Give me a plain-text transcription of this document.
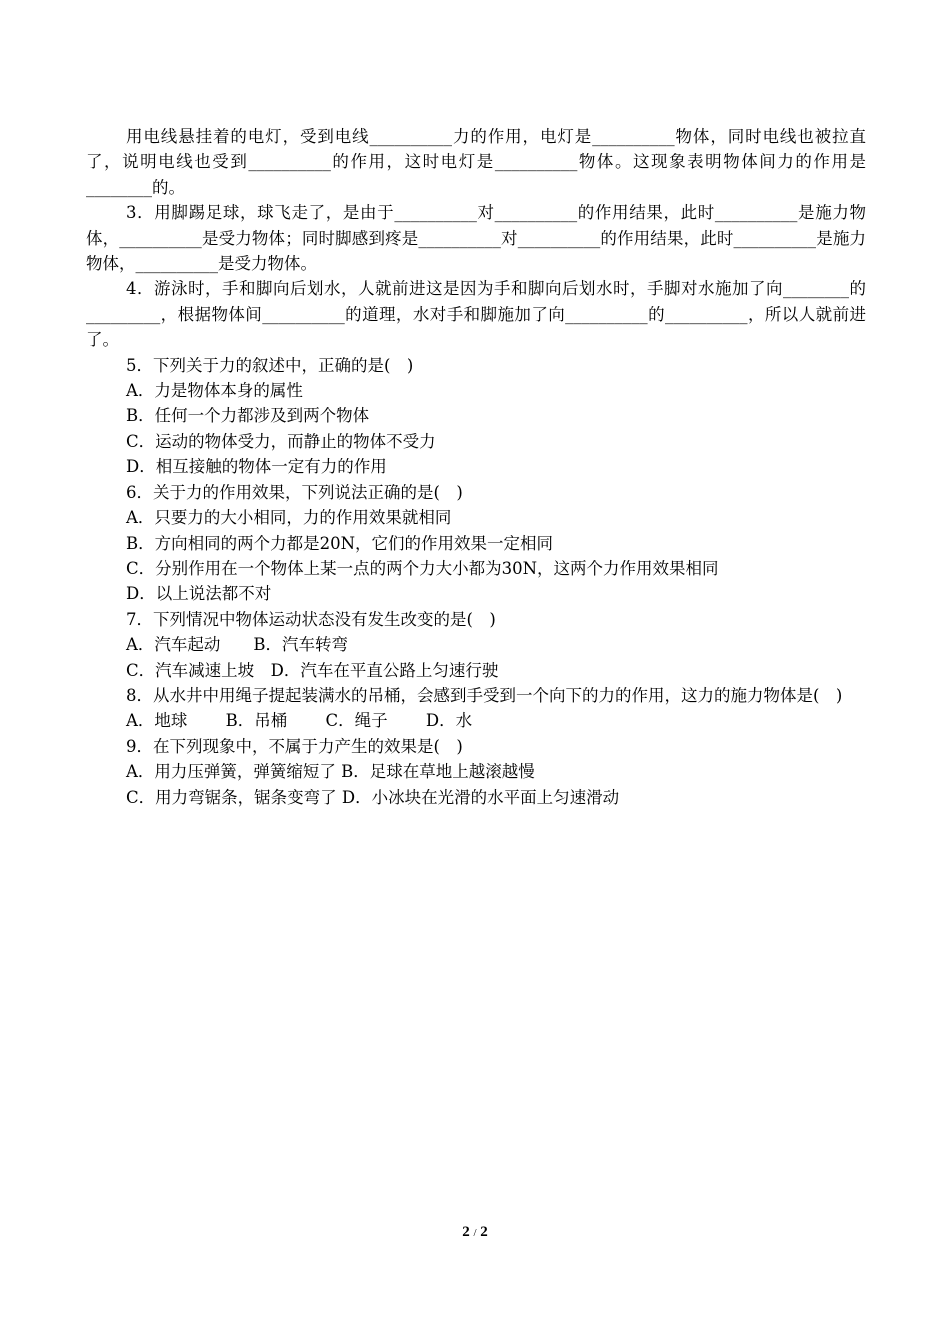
用电线悬挂着的电灯，受到电线__________力的作用，电灯是__________物体，同时电线也被拉直了，说明电线也受到__________的作用，这时电灯是__________物体。这现象表明物体间力的作用是________的。

3．用脚踢足球，球飞走了，是由于__________对__________的作用结果，此时__________是施力物体，__________是受力物体；同时脚感到疼是__________对__________的作用结果，此时__________是施力物体，__________是受力物体。

4．游泳时，手和脚向后划水，人就前进这是因为手和脚向后划水时，手脚对水施加了向________的_________，根据物体间__________的道理，水对手和脚施加了向__________的__________，所以人就前进了。

5．下列关于力的叙述中，正确的是(　)

A．力是物体本身的属性

B．任何一个力都涉及到两个物体

C．运动的物体受力，而静止的物体不受力

D．相互接触的物体一定有力的作用

6．关于力的作用效果，下列说法正确的是(　)

A．只要力的大小相同，力的作用效果就相同

B．方向相同的两个力都是20N，它们的作用效果一定相同

C．分别作用在一个物体上某一点的两个力大小都为30N，这两个力作用效果相同

D．以上说法都不对

7．下列情况中物体运动状态没有发生改变的是(　)

A．汽车起动　　B．汽车转弯

C．汽车减速上坡　D．汽车在平直公路上匀速行驶

8．从水井中用绳子提起装满水的吊桶，会感到手受到一个向下的力的作用，这力的施力物体是(　)

A．地球　　 B．吊桶　　 C．绳子　　 D．水

9．在下列现象中，不属于力产生的效果是(　)

A．用力压弹簧，弹簧缩短了 B．足球在草地上越滚越慢

C．用力弯锯条，锯条变弯了 D．小冰块在光滑的水平面上匀速滑动

2 / 2
